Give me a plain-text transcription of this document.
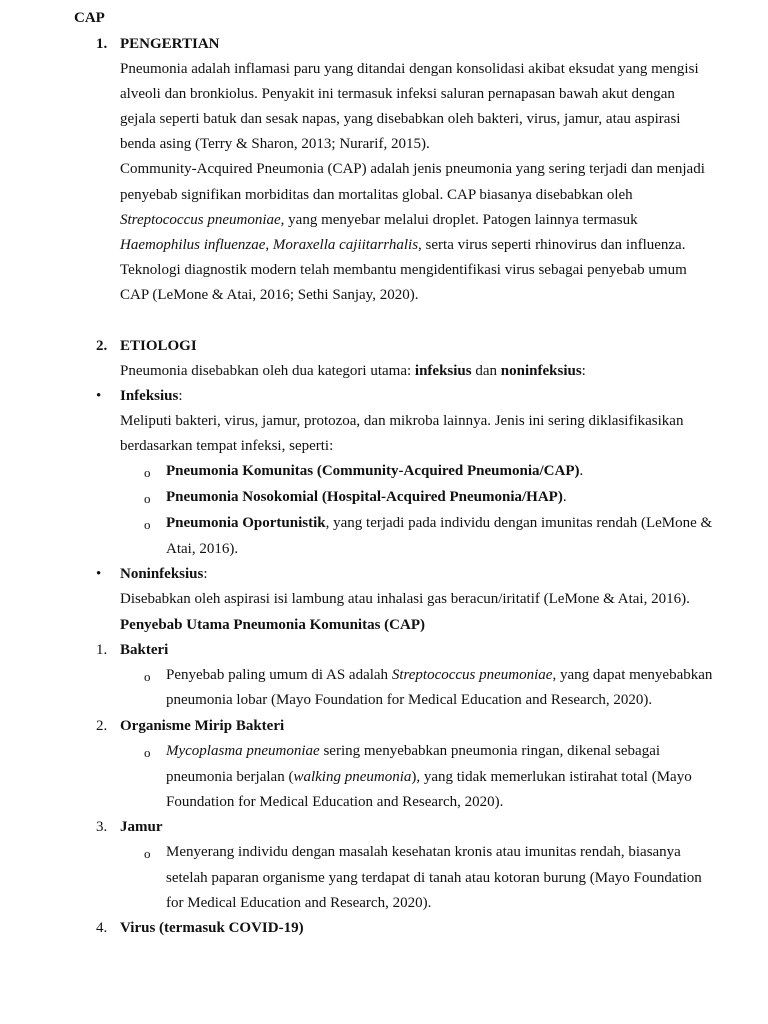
CAP
1. PENGERTIAN
Pneumonia adalah inflamasi paru yang ditandai dengan konsolidasi akibat eksudat yang mengisi
alveoli dan bronkiolus. Penyakit ini termasuk infeksi saluran pernapasan bawah akut dengan
gejala seperti batuk dan sesak napas, yang disebabkan oleh bakteri, virus, jamur, atau aspirasi
benda asing (Terry & Sharon, 2013; Nurarif, 2015).
Community-Acquired Pneumonia (CAP) adalah jenis pneumonia yang sering terjadi dan menjadi
penyebab signifikan morbiditas dan mortalitas global. CAP biasanya disebabkan oleh
Streptococcus pneumoniae, yang menyebar melalui droplet. Patogen lainnya termasuk
Haemophilus influenzae, Moraxella cajiitarrhalis, serta virus seperti rhinovirus dan influenza.
Teknologi diagnostik modern telah membantu mengidentifikasi virus sebagai penyebab umum
CAP (LeMone & Atai, 2016; Sethi Sanjay, 2020).
2. ETIOLOGI
Pneumonia disebabkan oleh dua kategori utama: infeksius dan noninfeksius:
• Infeksius:
Meliputi bakteri, virus, jamur, protozoa, dan mikroba lainnya. Jenis ini sering diklasifikasikan
berdasarkan tempat infeksi, seperti:
o Pneumonia Komunitas (Community-Acquired Pneumonia/CAP).
o Pneumonia Nosokomial (Hospital-Acquired Pneumonia/HAP).
o Pneumonia Oportunistik, yang terjadi pada individu dengan imunitas rendah (LeMone &
Atai, 2016).
• Noninfeksius:
Disebabkan oleh aspirasi isi lambung atau inhalasi gas beracun/iritatif (LeMone & Atai, 2016).
Penyebab Utama Pneumonia Komunitas (CAP)
1. Bakteri
o Penyebab paling umum di AS adalah Streptococcus pneumoniae, yang dapat menyebabkan
pneumonia lobar (Mayo Foundation for Medical Education and Research, 2020).
2. Organisme Mirip Bakteri
o Mycoplasma pneumoniae sering menyebabkan pneumonia ringan, dikenal sebagai
pneumonia berjalan (walking pneumonia), yang tidak memerlukan istirahat total (Mayo
Foundation for Medical Education and Research, 2020).
3. Jamur
o Menyerang individu dengan masalah kesehatan kronis atau imunitas rendah, biasanya
setelah paparan organisme yang terdapat di tanah atau kotoran burung (Mayo Foundation
for Medical Education and Research, 2020).
4. Virus (termasuk COVID-19)
